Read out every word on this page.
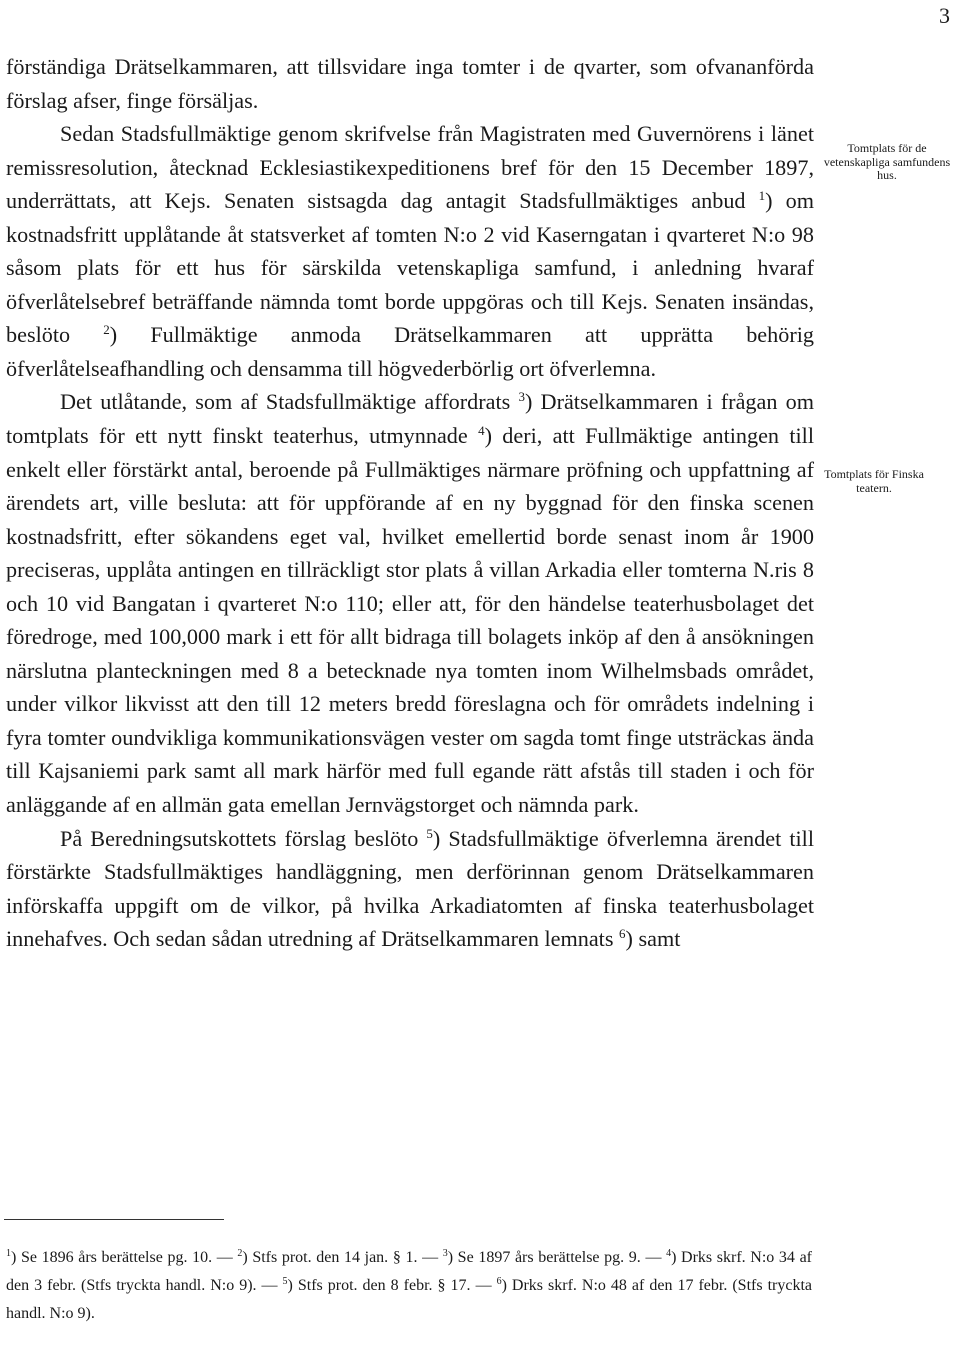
3
Tomtplats för de vetenskapliga samfundens hus.
Tomtplats för Finska teatern.

förständiga Drätselkammaren, att tillsvidare inga tomter i de qvarter, som ofvananförda förslag afser, finge försäljas.

Sedan Stadsfullmäktige genom skrifvelse från Magistraten med Guvernörens i länet remissresolution, åtecknad Ecklesiastikexpeditionens bref för den 15 December 1897, underrättats, att Kejs. Senaten sistsagda dag antagit Stadsfullmäktiges anbud $^1$) om kostnadsfritt upplåtande åt statsverket af tomten N:o 2 vid Kaserngatan i qvarteret N:o 98 såsom plats för ett hus för särskilda vetenskapliga samfund, i anledning hvaraf öfverlåtelsebref beträffande nämnda tomt borde uppgöras och till Kejs. Senaten insändas, beslöto $^2$) Fullmäktige anmoda Drätselkammaren att upprätta behörig öfverlåtelseafhandling och densamma till högvederbörlig ort öfverlemna.

Det utlåtande, som af Stadsfullmäktige affordrats $^3$) Drätselkammaren i frågan om tomtplats för ett nytt finskt teaterhus, utmynnade $^4$) deri, att Fullmäktige antingen till enkelt eller förstärkt antal, beroende på Fullmäktiges närmare pröfning och uppfattning af ärendets art, ville besluta: att för uppförande af en ny byggnad för den finska scenen kostnadsfritt, efter sökandens eget val, hvilket emellertid borde senast inom år 1900 preciseras, upplåta antingen en tillräckligt stor plats å villan Arkadia eller tomterna N.ris 8 och 10 vid Bangatan i qvarteret N:o 110; eller att, för den händelse teaterhusbolaget det föredroge, med 100,000 mark i ett för allt bidraga till bolagets inköp af den å ansökningen närslutna planteckningen med 8 a betecknade nya tomten inom Wilhelmsbads området, under vilkor likvisst att den till 12 meters bredd föreslagna och för områdets indelning i fyra tomter oundvikliga kommunikationsvägen vester om sagda tomt finge utsträckas ända till Kajsaniemi park samt all mark härför med full egande rätt afstås till staden i och för anläggande af en allmän gata emellan Jernvägstorget och nämnda park.

På Beredningsutskottets förslag beslöto $^5$) Stadsfullmäktige öfverlemna ärendet till förstärkte Stadsfullmäktiges handläggning, men derförinnan genom Drätselkammaren införskaffa uppgift om de vilkor, på hvilka Arkadiatomten af finska teaterhusbolaget innehafves. Och sedan sådan utredning af Drätselkammaren lemnats $^6$) samt

$^1$) Se 1896 års berättelse pg. 10. — $^2$) Stfs prot. den 14 jan. § 1. — $^3$) Se 1897 års berättelse pg. 9. — $^4$) Drks skrf. N:o 34 af den 3 febr. (Stfs tryckta handl. N:o 9). — $^5$) Stfs prot. den 8 febr. § 17. — $^6$) Drks skrf. N:o 48 af den 17 febr. (Stfs tryckta handl. N:o 9).
